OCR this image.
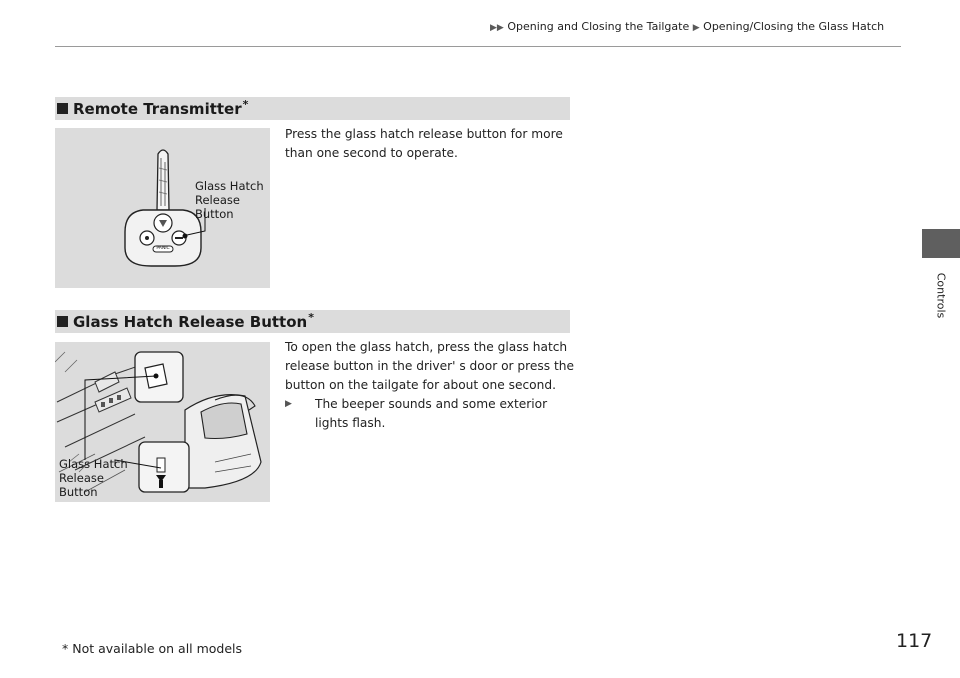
▶▶ Opening and Closing the Tailgate ▶ Opening/Closing the Glass Hatch
Controls
Remote Transmitter*
PANIC
Glass Hatch
Release
Button

Press the glass hatch release button for more than one second to operate.

Glass Hatch Release Button*
Glass Hatch
Release
Button

To open the glass hatch, press the glass hatch release button in the driver' s door or press the button on the tailgate for about one second.

▶	The beeper sounds and some exterior lights flash.
* Not available on all models	117
